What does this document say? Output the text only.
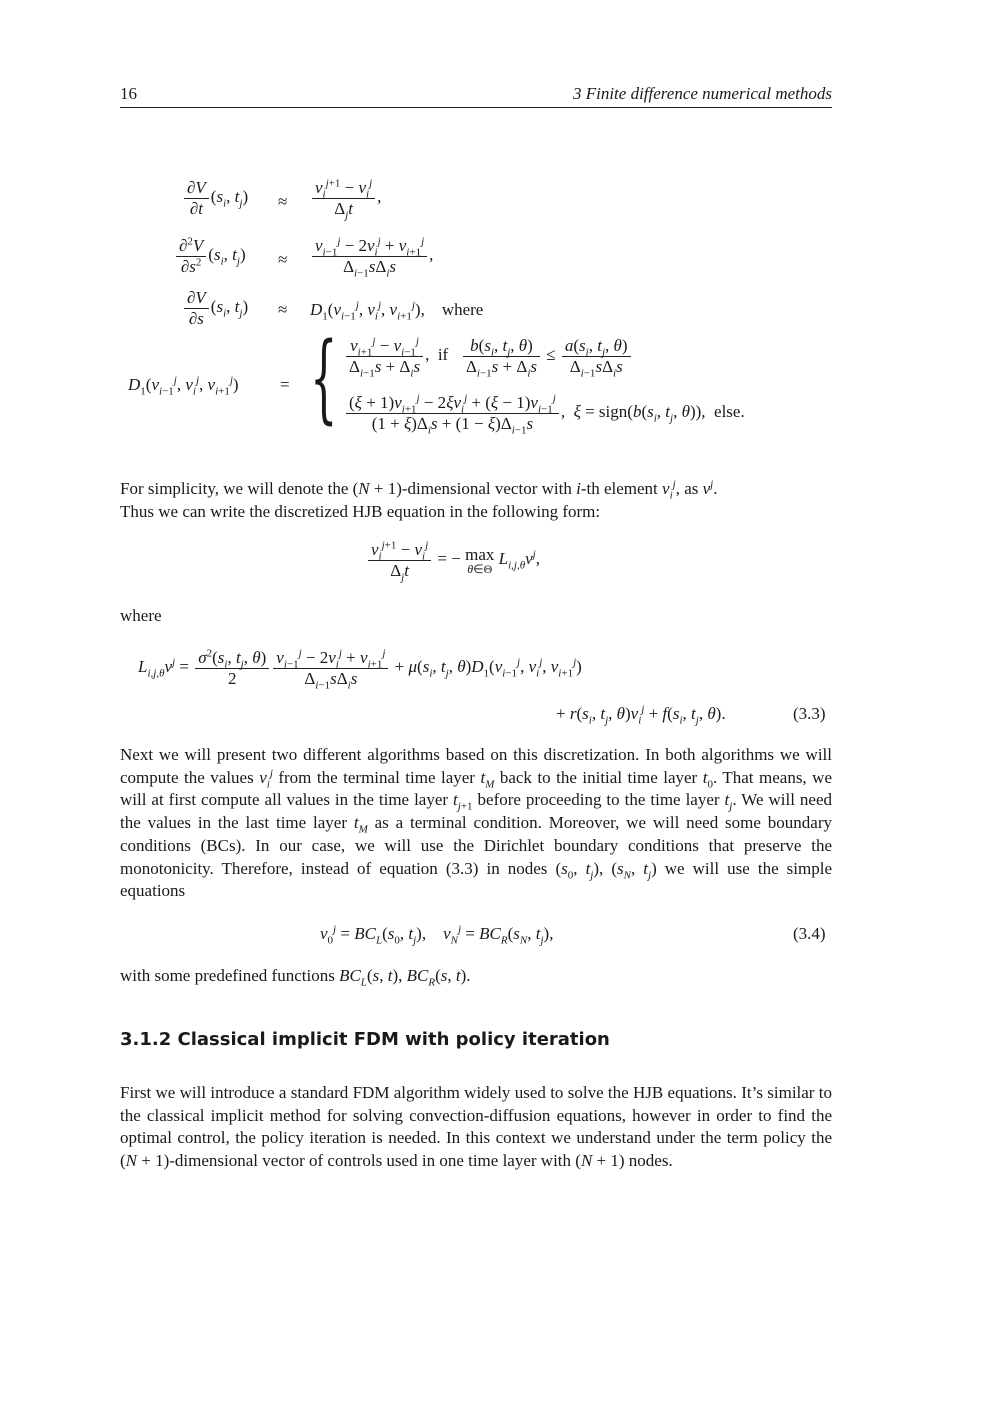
16	3 Finite difference numerical methods
$\frac{\partial V}{\partial t} (s_i$, $t_j) \approx \frac{v_i^{j+1} - v_i^j}{\Delta_jt}$ ,
$\frac{\partial^2V}{\partial s^2} (s_i$, $t_j) \approx \frac{v_{i-1}^j - 2v_i^j + v_{i+1}^j}{\Delta_{i-1}s\Delta_is}$ ,
$\frac{\partial V}{\partial s} (s_i$, $t_j) \approx D_1(v_{i-1}^j$, $v_i^j$, $v_{i+1}^j$),    where
$D_1(v_{i-1}^j$, $v_i^j$, $v_{i+1}^j$) = { $\frac{v_{i+1}^j - v_{i-1}^j}{\Delta_{i-1}s + \Delta_is}$ ,  if $\frac{b(s_i, t_j, \theta)}{\Delta_{i-1}s + \Delta_is} \le \frac{a(s_i, t_j, \theta)}{\Delta_{i-1}s\Delta_is}$
$\frac{(\xi + 1)v_{i+1}^j - 2\xi v_i^j + (\xi - 1)v_{i-1}^j}{(1 + \xi)\Delta_is + (1 - \xi)\Delta_{i-1}s}$ ,  $\xi = sign(b(s_i$, $t_j$, θ)),  else.
For simplicity, we will denote the (N + 1)-dimensional vector with i-th element $v_i^j$, as $v^j$.
Thus we can write the discretized HJB equation in the following form:
$\frac{v_i^{j+1} - v_i^j}{\Delta_jt}$ = − max
θ∈Θ
$L_{i,j,\theta}v^j$,
where
$L_{i,j,\theta}v^j = \frac{\sigma^2(s_i, t_j, \theta)}{2} \frac{v_{i-1}^j - 2v_i^j + v_{i+1}^j}{\Delta_{i-1}s\Delta_is} + \mu(s_i$, $t_j$, $\theta)D_1(v_{i-1}^j$, $v_i^j$, $v_{i+1}^j$)
+ $r(s_i$, $t_j$, $\theta)v_i^j + f(s_i$, $t_j$, θ).	(3.3)
Next we will present two different algorithms based on this discretization. In both algorithms we will compute the values $v_i^j$ from the terminal time layer $t_M$ back to the initial time layer $t_0$. That means, we will at first compute all values in the time layer $t_{j+1}$ before proceeding to the time layer $t_j$. We will need the values in the last time layer $t_M$ as a terminal condition. Moreover, we will need some boundary conditions (BCs). In our case, we will use the Dirichlet boundary conditions that preserve the monotonicity. Therefore, instead of equation (3.3) in nodes ($s_0$, $t_j$), ($s_N$, $t_j$) we will use the simple equations
$v_0^j = BC_L(s_0$, $t_j$),    $v_N^j = BC_R(s_N$, $t_j$),	(3.4)
with some predefined functions $BC_L(s$, t), $BC_R(s$, t).
3.1.2 Classical implicit FDM with policy iteration
First we will introduce a standard FDM algorithm widely used to solve the HJB equations. It’s similar to the classical implicit method for solving convection-diffusion equations, however in order to find the optimal control, the policy iteration is needed. In this context we understand under the term policy the (N + 1)-dimensional vector of controls used in one time layer with (N + 1) nodes.
